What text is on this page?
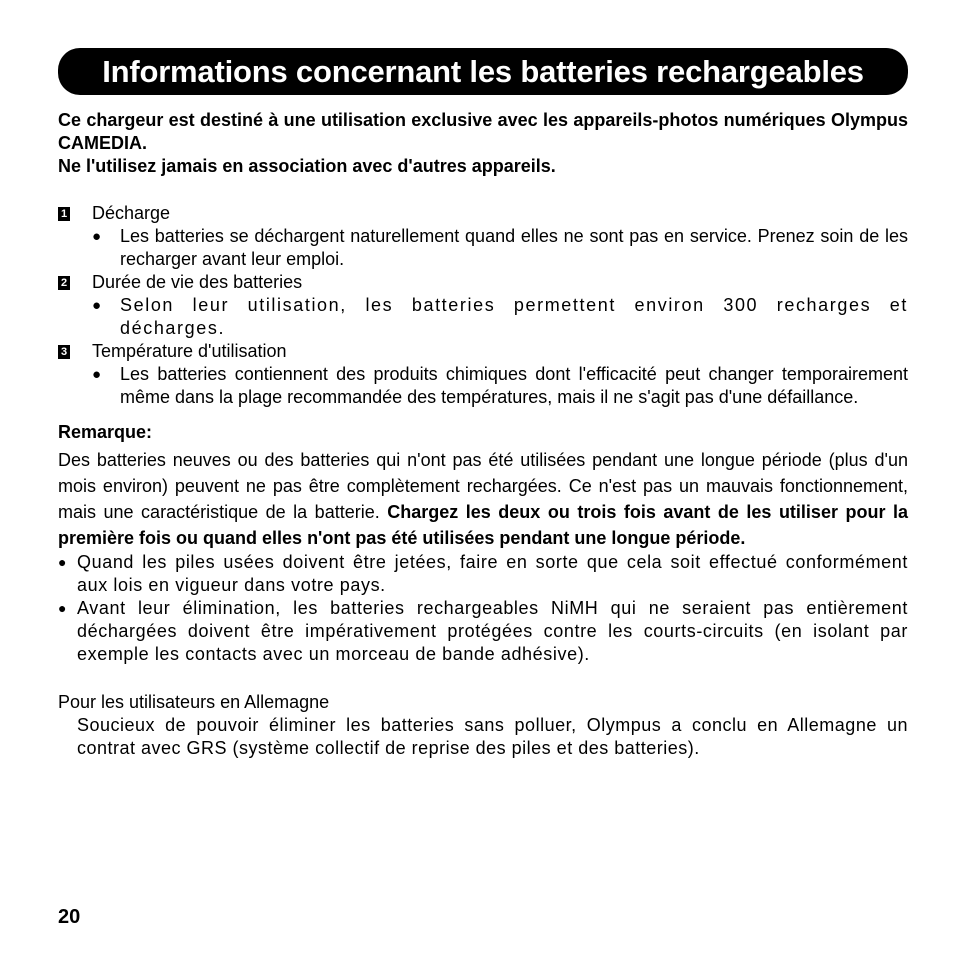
Informations concernant les batteries rechargeables

Ce chargeur est destiné à une utilisation exclusive avec les appareils-photos numériques Olympus CAMEDIA.

Ne l'utilisez jamais en association avec d'autres appareils.

1 Décharge
●	Les batteries se déchargent naturellement quand elles ne sont pas en service. Prenez soin de les recharger avant leur emploi.
2 Durée de vie des batteries
●	Selon leur utilisation, les batteries permettent environ 300 recharges et décharges.
3 Température d'utilisation
●	Les batteries contiennent des produits chimiques dont l'efficacité peut changer temporairement même dans la plage recommandée des températures, mais il ne s'agit pas d'une défaillance.
Remarque:
Des batteries neuves ou des batteries qui n'ont pas été utilisées pendant une longue période (plus d'un mois environ) peuvent ne pas être complètement rechargées. Ce n'est pas un mauvais fonctionnement, mais une caractéristique de la batterie. Chargez les deux ou trois fois avant de les utiliser pour la première fois ou quand elles n'ont pas été utilisées pendant une longue période.
● Quand les piles usées doivent être jetées, faire en sorte que cela soit effectué conformément aux lois en vigueur dans votre pays.
● Avant leur élimination, les batteries rechargeables NiMH qui ne seraient pas entièrement déchargées doivent être impérativement protégées contre les courts-circuits (en isolant par exemple les contacts avec un morceau de bande adhésive).
Pour les utilisateurs en Allemagne
Soucieux de pouvoir éliminer les batteries sans polluer, Olympus a conclu en Allemagne un contrat avec GRS (système collectif de reprise des piles et des batteries).
20
